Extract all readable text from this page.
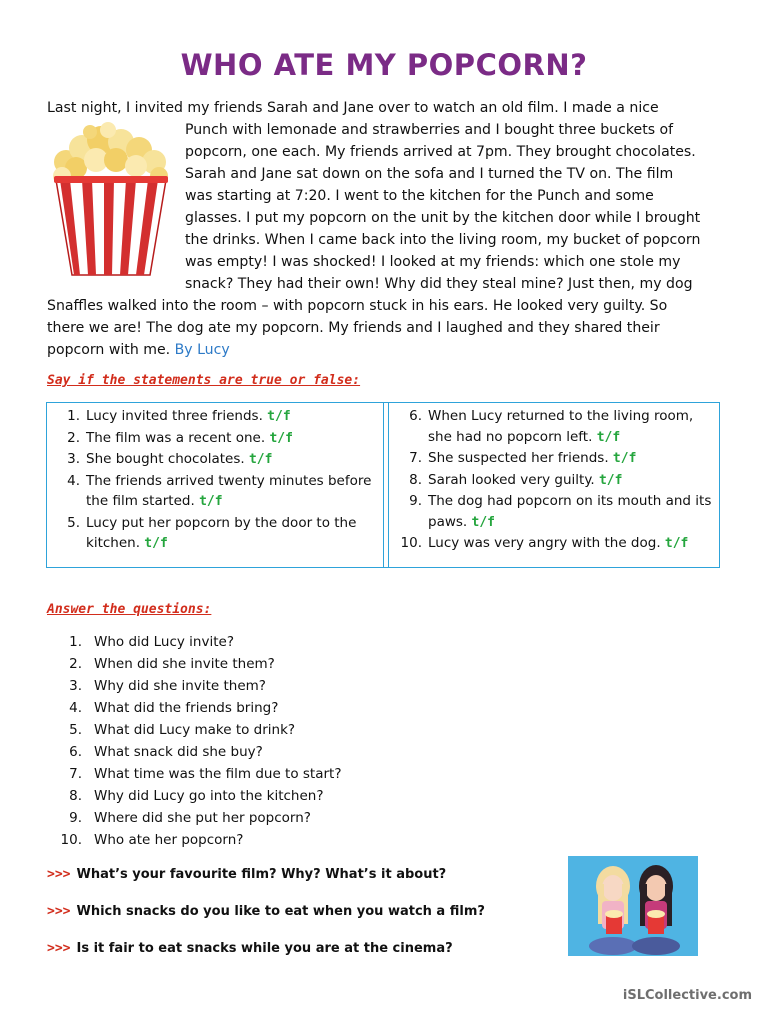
WHO ATE MY POPCORN?
Last night, I invited my friends Sarah and Jane over to watch an old film. I made a nice
Punch with lemonade and strawberries and I bought three buckets of
popcorn, one each. My friends arrived at 7pm. They brought chocolates.
Sarah and Jane sat down on the sofa and I turned the TV on. The film
was starting at 7:20. I went to the kitchen for the Punch and some
glasses. I put my popcorn on the unit by the kitchen door while I brought
the drinks. When I came back into the living room, my bucket of popcorn
was empty! I was shocked! I looked at my friends: which one stole my
snack? They had their own! Why did they steal mine? Just then, my dog
Snaffles walked into the room – with popcorn stuck in his ears. He looked very guilty. So
there we are! The dog ate my popcorn. My friends and I laughed and they shared their
popcorn with me. By Lucy
Say if the statements are true or false:
1. Lucy invited three friends. t/f
2. The film was a recent one. t/f
3. She bought chocolates. t/f
4. The friends arrived twenty minutes before the film started. t/f
5. Lucy put her popcorn by the door to the kitchen. t/f
6. When Lucy returned to the living room, she had no popcorn left. t/f
7. She suspected her friends. t/f
8. Sarah looked very guilty. t/f
9. The dog had popcorn on its mouth and its paws. t/f
10. Lucy was very angry with the dog. t/f
Answer the questions:
1. Who did Lucy invite?
2. When did she invite them?
3. Why did she invite them?
4. What did the friends bring?
5. What did Lucy make to drink?
6. What snack did she buy?
7. What time was the film due to start?
8. Why did Lucy go into the kitchen?
9. Where did she put her popcorn?
10. Who ate her popcorn?
>>> What’s your favourite film? Why? What’s it about?
>>> Which snacks do you like to eat when you watch a film?
>>> Is it fair to eat snacks while you are at the cinema?
iSLCollective.com
